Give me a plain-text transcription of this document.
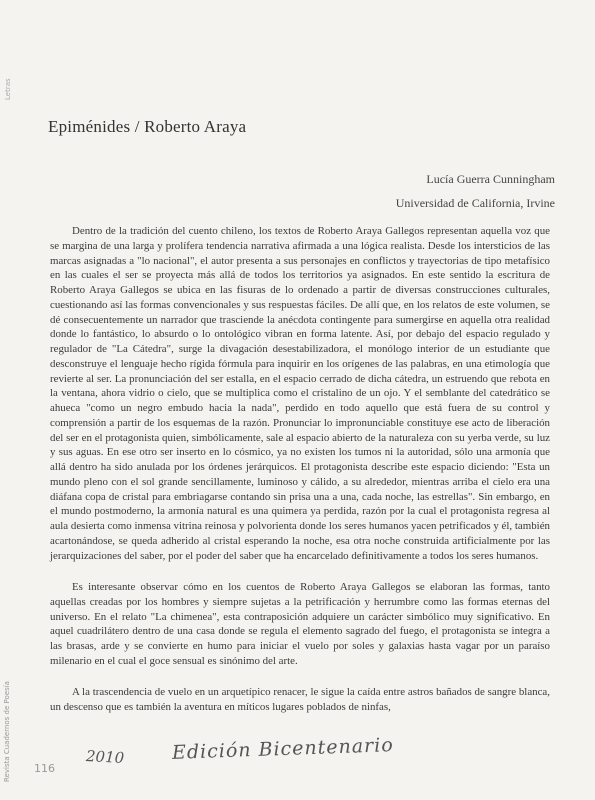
Letras
Epiménides / Roberto Araya
Lucía Guerra Cunningham
Universidad de California, Irvine

Dentro de la tradición del cuento chileno, los textos de Roberto Araya Gallegos representan aquella voz que se margina de una larga y prolífera tendencia narrativa afirmada a una lógica realista. Desde los intersticios de las marcas asignadas a "lo nacional", el autor presenta a sus personajes en conflictos y trayectorias de tipo metafísico en las cuales el ser se proyecta más allá de todos los territorios ya asignados. En este sentido la escritura de Roberto Araya Gallegos se ubica en las fisuras de lo ordenado a partir de diversas construcciones culturales, cuestionando así las formas convencionales y sus respuestas fáciles. De allí que, en los relatos de este volumen, se dé consecuentemente un narrador que trasciende la anécdota contingente para sumergirse en aquella otra realidad donde lo fantástico, lo absurdo o lo ontológico vibran en forma latente. Así, por debajo del espacio regulado y regulador de "La Cátedra", surge la divagación desestabilizadora, el monólogo interior de un estudiante que desconstruye el lenguaje hecho rígida fórmula para inquirir en los orígenes de las palabras, en una etimología que revierte al ser. La pronunciación del ser estalla, en el espacio cerrado de dicha cátedra, un estruendo que rebota en la ventana, ahora vidrio o cielo, que se multiplica como el cristalino de un ojo. Y el semblante del catedrático se ahueca "como un negro embudo hacia la nada", perdido en todo aquello que está fuera de su control y comprensión a partir de los esquemas de la razón. Pronunciar lo impronunciable constituye ese acto de liberación del ser en el protagonista quien, simbólicamente, sale al espacio abierto de la naturaleza con su yerba verde, su luz y sus aguas. En ese otro ser inserto en lo cósmico, ya no existen los tumos ni la autoridad, sólo una armonía que allá dentro ha sido anulada por los órdenes jerárquicos. El protagonista describe este espacio diciendo: "Esta un mundo pleno con el sol grande sencillamente, luminoso y cálido, a su alrededor, mientras arriba el cielo era una diáfana copa de cristal para embriagarse contando sin prisa una a una, cada noche, las estrellas". Sin embargo, en el mundo postmoderno, la armonía natural es una quimera ya perdida, razón por la cual el protagonista regresa al aula desierta como inmensa vitrina reinosa y polvorienta donde los seres humanos yacen petrificados y él, también acartonándose, se queda adherido al cristal esperando la noche, esa otra noche construida artificialmente por las jerarquizaciones del saber, por el poder del saber que ha encarcelado definitivamente a todos los seres humanos.

Es interesante observar cómo en los cuentos de Roberto Araya Gallegos se elaboran las formas, tanto aquellas creadas por los hombres y siempre sujetas a la petrificación y herrumbre como las formas eternas del universo. En el relato "La chimenea", esta contraposición adquiere un carácter simbólico muy significativo. En aquel cuadrilátero dentro de una casa donde se regula el elemento sagrado del fuego, el protagonista se integra a las brasas, arde y se convierte en humo para iniciar el vuelo por soles y galaxias hasta vagar por un paraíso milenario en el cual el goce sensual es sinónimo del arte.

A la trascendencia de vuelo en un arquetípico renacer, le sigue la caída entre astros bañados de sangre blanca, un descenso que es también la aventura en míticos lugares poblados de ninfas,

Revista Cuadernos de Poesía 116
2010 Edición Bicentenario
